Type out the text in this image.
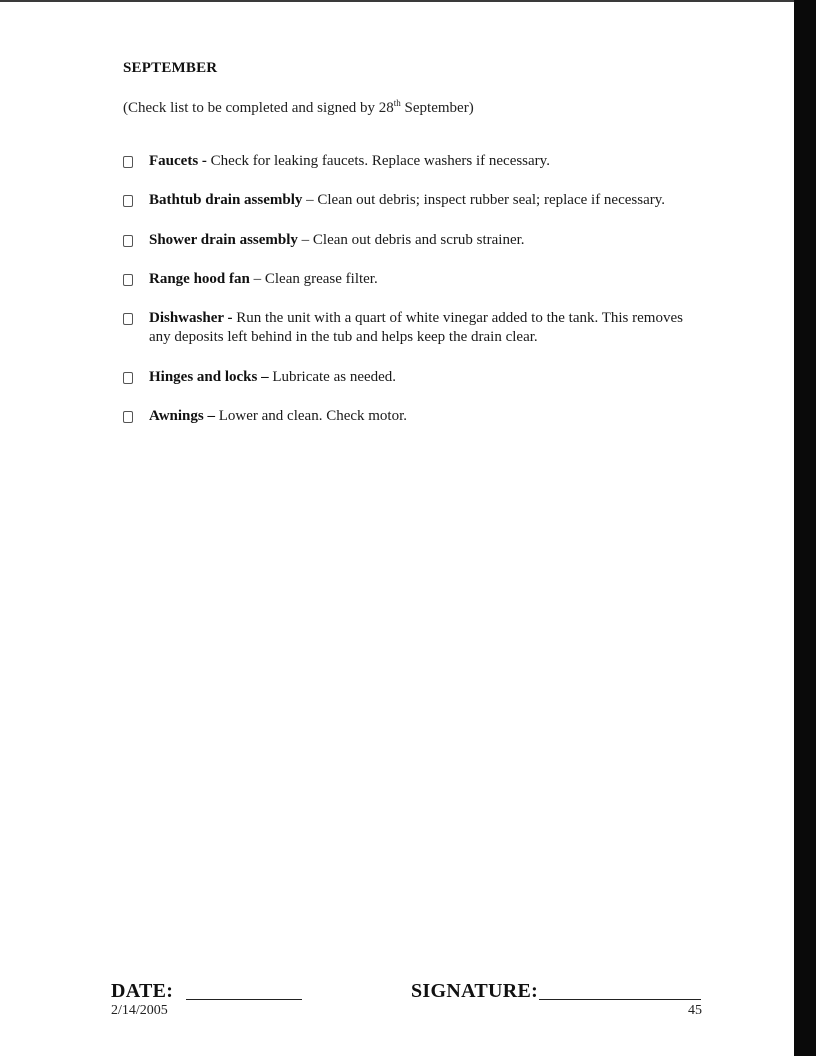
SEPTEMBER
(Check list to be completed and signed by 28th September)
Faucets - Check for leaking faucets. Replace washers if necessary.
Bathtub drain assembly – Clean out debris; inspect rubber seal; replace if necessary.
Shower drain assembly – Clean out debris and scrub strainer.
Range hood fan – Clean grease filter.
Dishwasher - Run the unit with a quart of white vinegar added to the tank. This removes any deposits left behind in the tub and helps keep the drain clear.
Hinges and locks – Lubricate as needed.
Awnings – Lower and clean. Check motor.
DATE:	SIGNATURE:
2/14/2005	45
